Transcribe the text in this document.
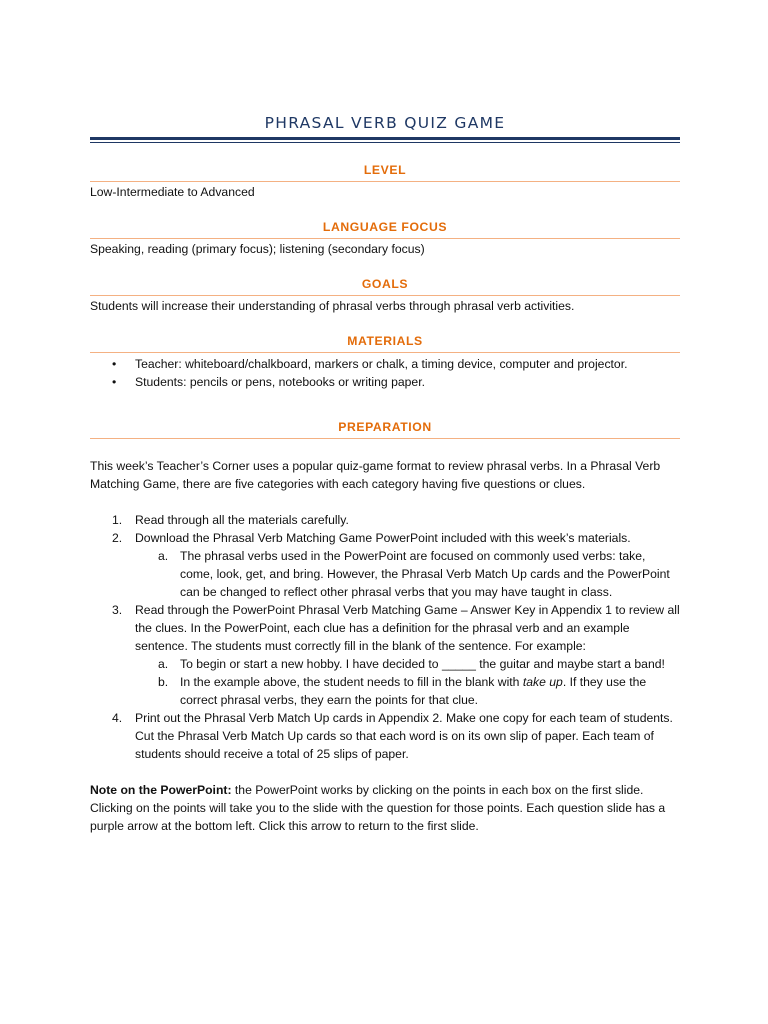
PHRASAL VERB QUIZ GAME
LEVEL

Low-Intermediate to Advanced

LANGUAGE FOCUS

Speaking, reading (primary focus); listening (secondary focus)

GOALS

Students will increase their understanding of phrasal verbs through phrasal verb activities.

MATERIALS
• Teacher: whiteboard/chalkboard, markers or chalk, a timing device, computer and projector.
• Students: pencils or pens, notebooks or writing paper.
PREPARATION

This week’s Teacher’s Corner uses a popular quiz-game format to review phrasal verbs. In a Phrasal Verb Matching Game, there are five categories with each category having five questions or clues.

1. Read through all the materials carefully.
2. Download the Phrasal Verb Matching Game PowerPoint included with this week’s materials.
a. The phrasal verbs used in the PowerPoint are focused on commonly used verbs: take, come, look, get, and bring. However, the Phrasal Verb Match Up cards and the PowerPoint can be changed to reflect other phrasal verbs that you may have taught in class.
3. Read through the PowerPoint Phrasal Verb Matching Game – Answer Key in Appendix 1 to review all the clues. In the PowerPoint, each clue has a definition for the phrasal verb and an example sentence. The students must correctly fill in the blank of the sentence. For example:
a. To begin or start a new hobby. I have decided to _____ the guitar and maybe start a band!
b. In the example above, the student needs to fill in the blank with take up. If they use the correct phrasal verbs, they earn the points for that clue.
4. Print out the Phrasal Verb Match Up cards in Appendix 2. Make one copy for each team of students. Cut the Phrasal Verb Match Up cards so that each word is on its own slip of paper. Each team of students should receive a total of 25 slips of paper.

Note on the PowerPoint: the PowerPoint works by clicking on the points in each box on the first slide. Clicking on the points will take you to the slide with the question for those points. Each question slide has a purple arrow at the bottom left. Click this arrow to return to the first slide.
